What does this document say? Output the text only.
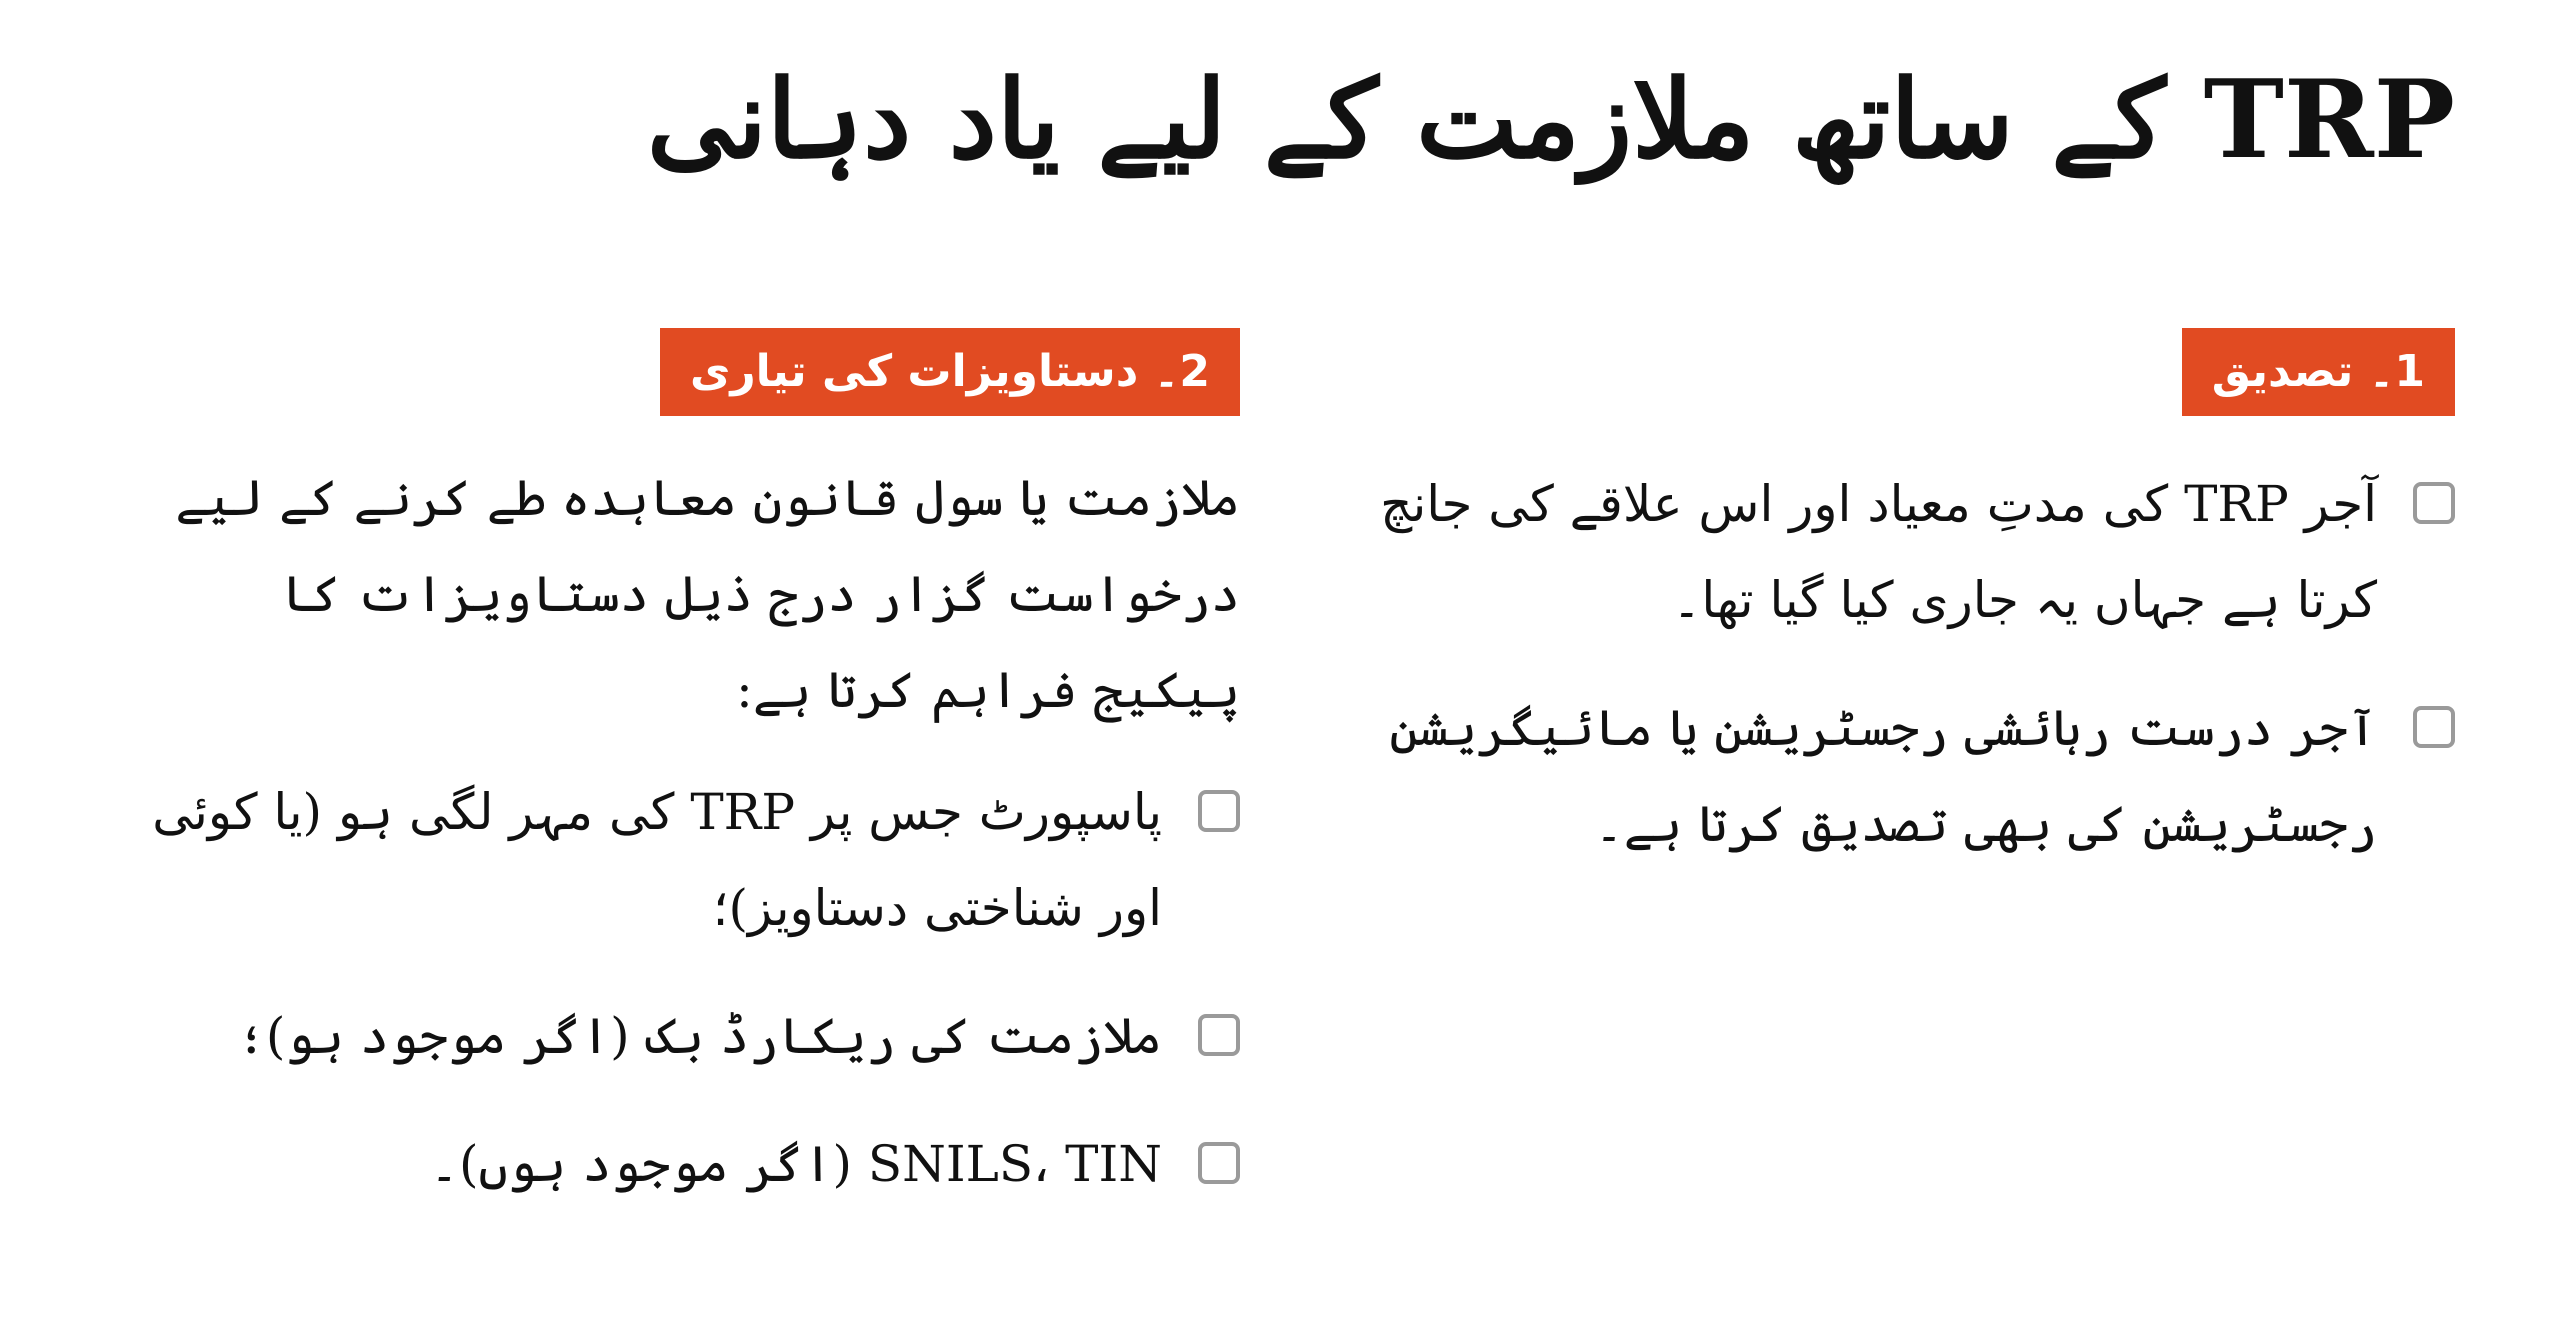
TRP کے ساتھ ملازمت کے لیے یاد دہانی
1۔ تصدیق
آجر TRP کی مدتِ معیاد اور اس علاقے کی جانچ کرتا ہے جہاں یہ جاری کیا گیا تھا۔
آجر درست رہائشی رجسٹریشن یا مائیگریشن رجسٹریشن کی بھی تصدیق کرتا ہے۔
2۔ دستاویزات کی تیاری

ملازمت یا سول قانون معاہدہ طے کرنے کے لیے درخواست گزار درج ذیل دستاویزات کا پیکیج فراہم کرتا ہے:

پاسپورٹ جس پر TRP کی مہر لگی ہو (یا کوئی اور شناختی دستاویز)؛
ملازمت کی ریکارڈ بک (اگر موجود ہو)؛
SNILS، TIN (اگر موجود ہوں)۔
